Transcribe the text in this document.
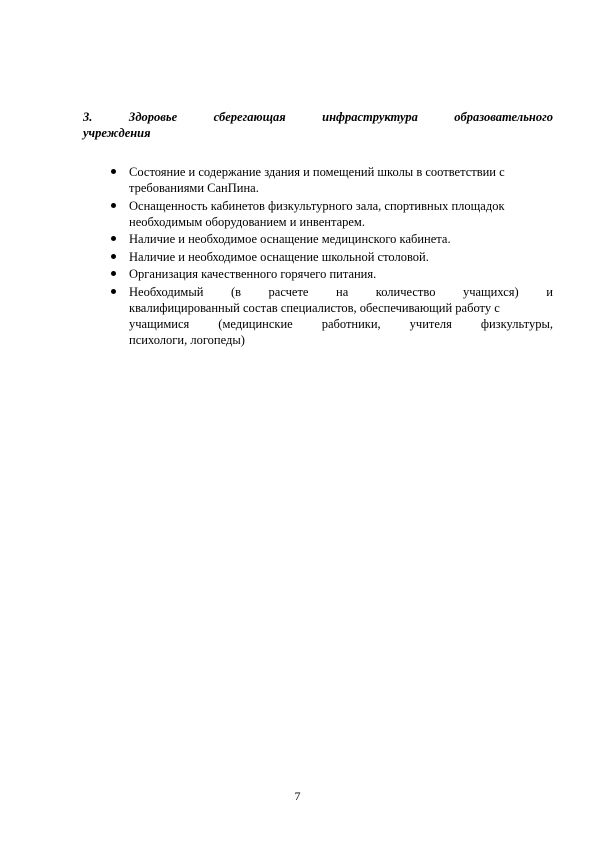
3.	Здоровье	сберегающая	инфраструктура	образовательного
учреждения
Состояние и содержание здания и помещений школы в соответствии с
требованиями СанПина.
Оснащенность кабинетов физкультурного зала, спортивных площадок
необходимым оборудованием и инвентарем.
Наличие и необходимое оснащение медицинского кабинета.
Наличие и необходимое оснащение школьной столовой.
Организация качественного горячего питания.
Необходимый (в расчете на количество учащихся) и
квалифицированный состав специалистов, обеспечивающий работу с
учащимися (медицинские работники, учителя физкультуры,
психологи, логопеды)
7
